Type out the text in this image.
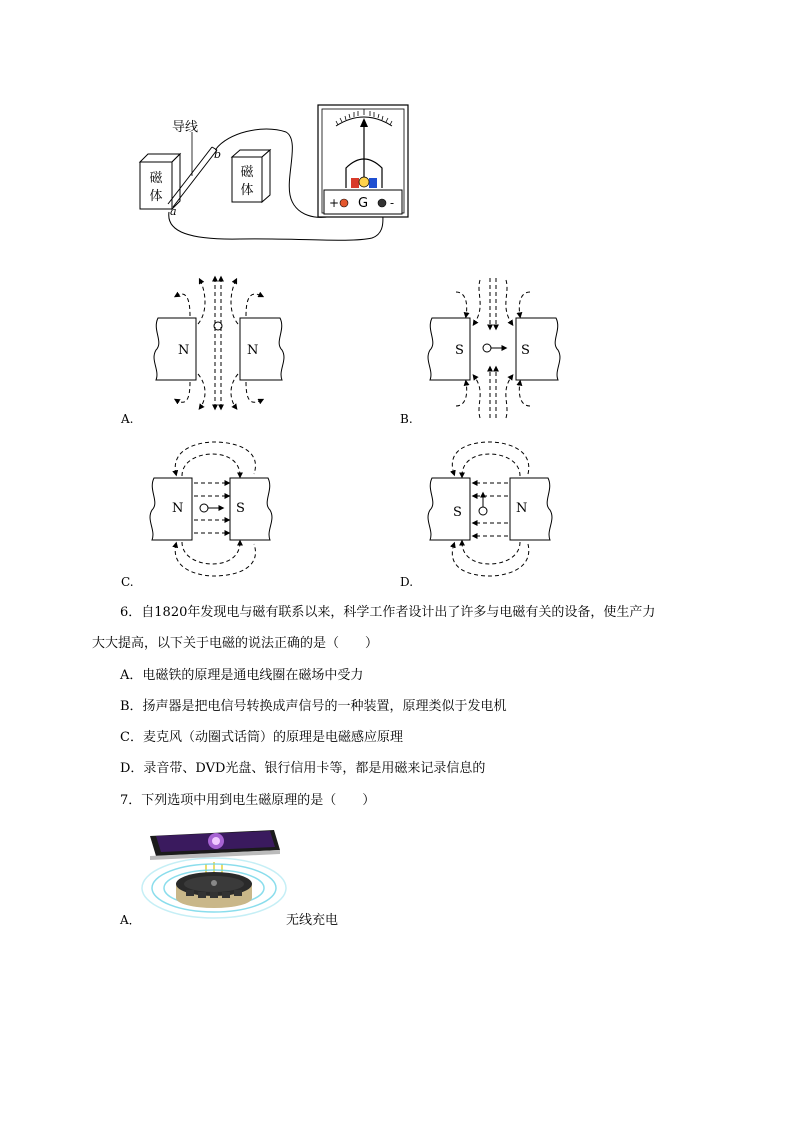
磁
体
磁
体
导线
b
a
+ G -
N	N
A.
S	S
B.
N	S
C.
S	N
D.
6．自1820年发现电与磁有联系以来，科学工作者设计出了许多与电磁有关的设备，使生产力
大大提高，以下关于电磁的说法正确的是（　　）
A．电磁铁的原理是通电线圈在磁场中受力
B．扬声器是把电信号转换成声信号的一种装置，原理类似于发电机
C．麦克风（动圈式话筒）的原理是电磁感应原理
D．录音带、DVD光盘、银行信用卡等，都是用磁来记录信息的
7．下列选项中用到电生磁原理的是（　　）
A．	无线充电
